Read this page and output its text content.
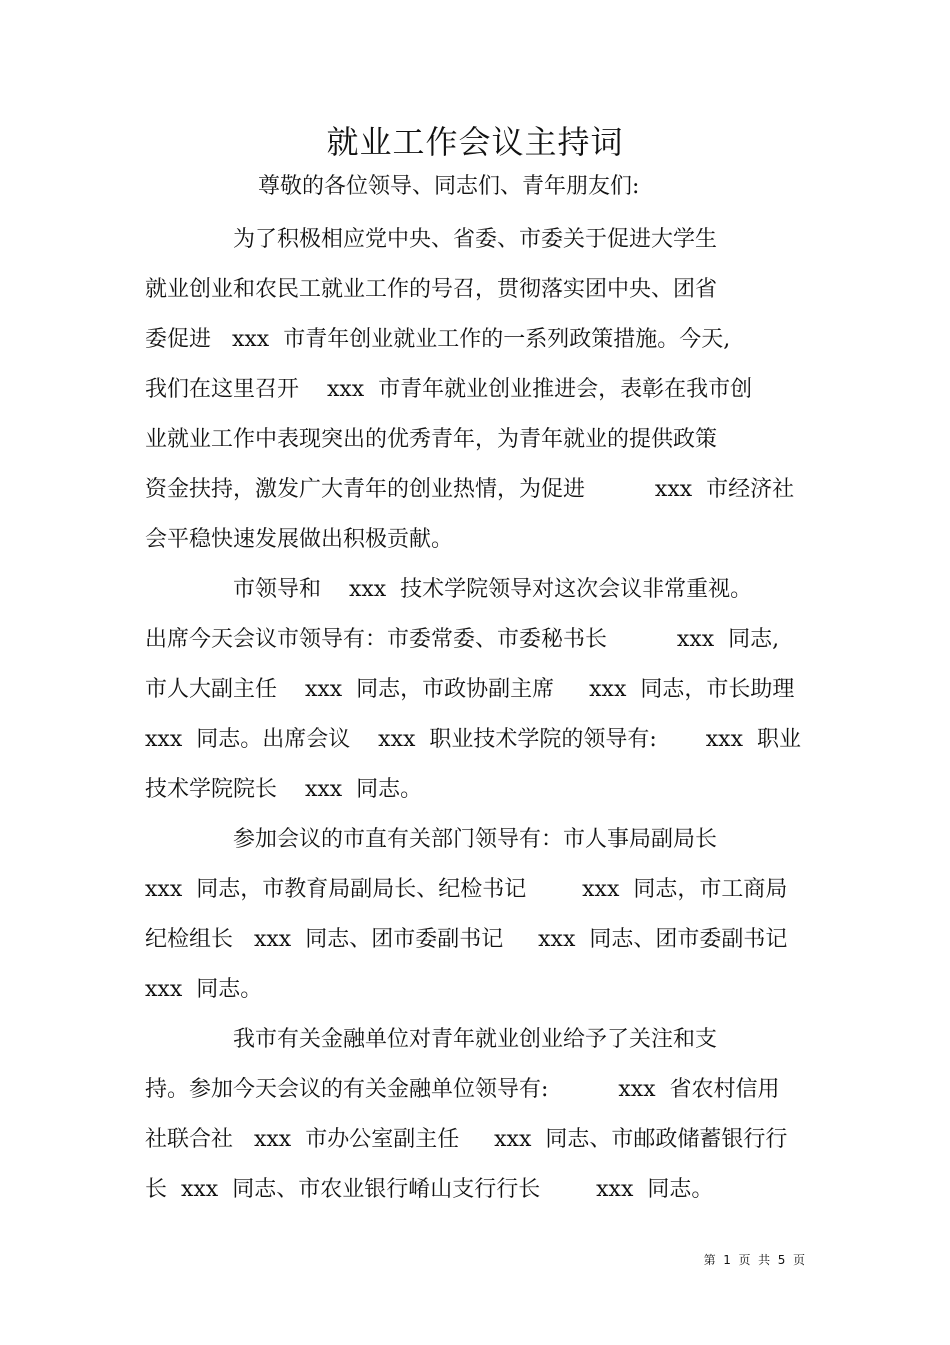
就业工作会议主持词
尊敬的各位领导、同志们、青年朋友们:
为了积极相应党中央、省委、市委关于促进大学生
就业创业和农民工就业工作的号召，贯彻落实团中央、团省
委促进   xxx  市青年创业就业工作的一系列政策措施。今天,
我们在这里召开    xxx  市青年就业创业推进会，表彰在我市创
业就业工作中表现突出的优秀青年，为青年就业的提供政策
资金扶持，激发广大青年的创业热情，为促进          xxx  市经济社
会平稳快速发展做出积极贡献。
市领导和    xxx  技术学院领导对这次会议非常重视。
出席今天会议市领导有：市委常委、市委秘书长          xxx  同志,
市人大副主任    xxx  同志，市政协副主席     xxx  同志，市长助理
xxx  同志。出席会议    xxx  职业技术学院的领导有:       xxx  职业
技术学院院长    xxx  同志。
参加会议的市直有关部门领导有：市人事局副局长
xxx  同志，市教育局副局长、纪检书记        xxx  同志，市工商局
纪检组长   xxx  同志、团市委副书记     xxx  同志、团市委副书记
xxx  同志。
我市有关金融单位对青年就业创业给予了关注和支
持。参加今天会议的有关金融单位领导有:          xxx  省农村信用
社联合社   xxx  市办公室副主任     xxx  同志、市邮政储蓄银行行
长  xxx  同志、市农业银行崤山支行行长        xxx  同志。
第  1  页  共  5  页
